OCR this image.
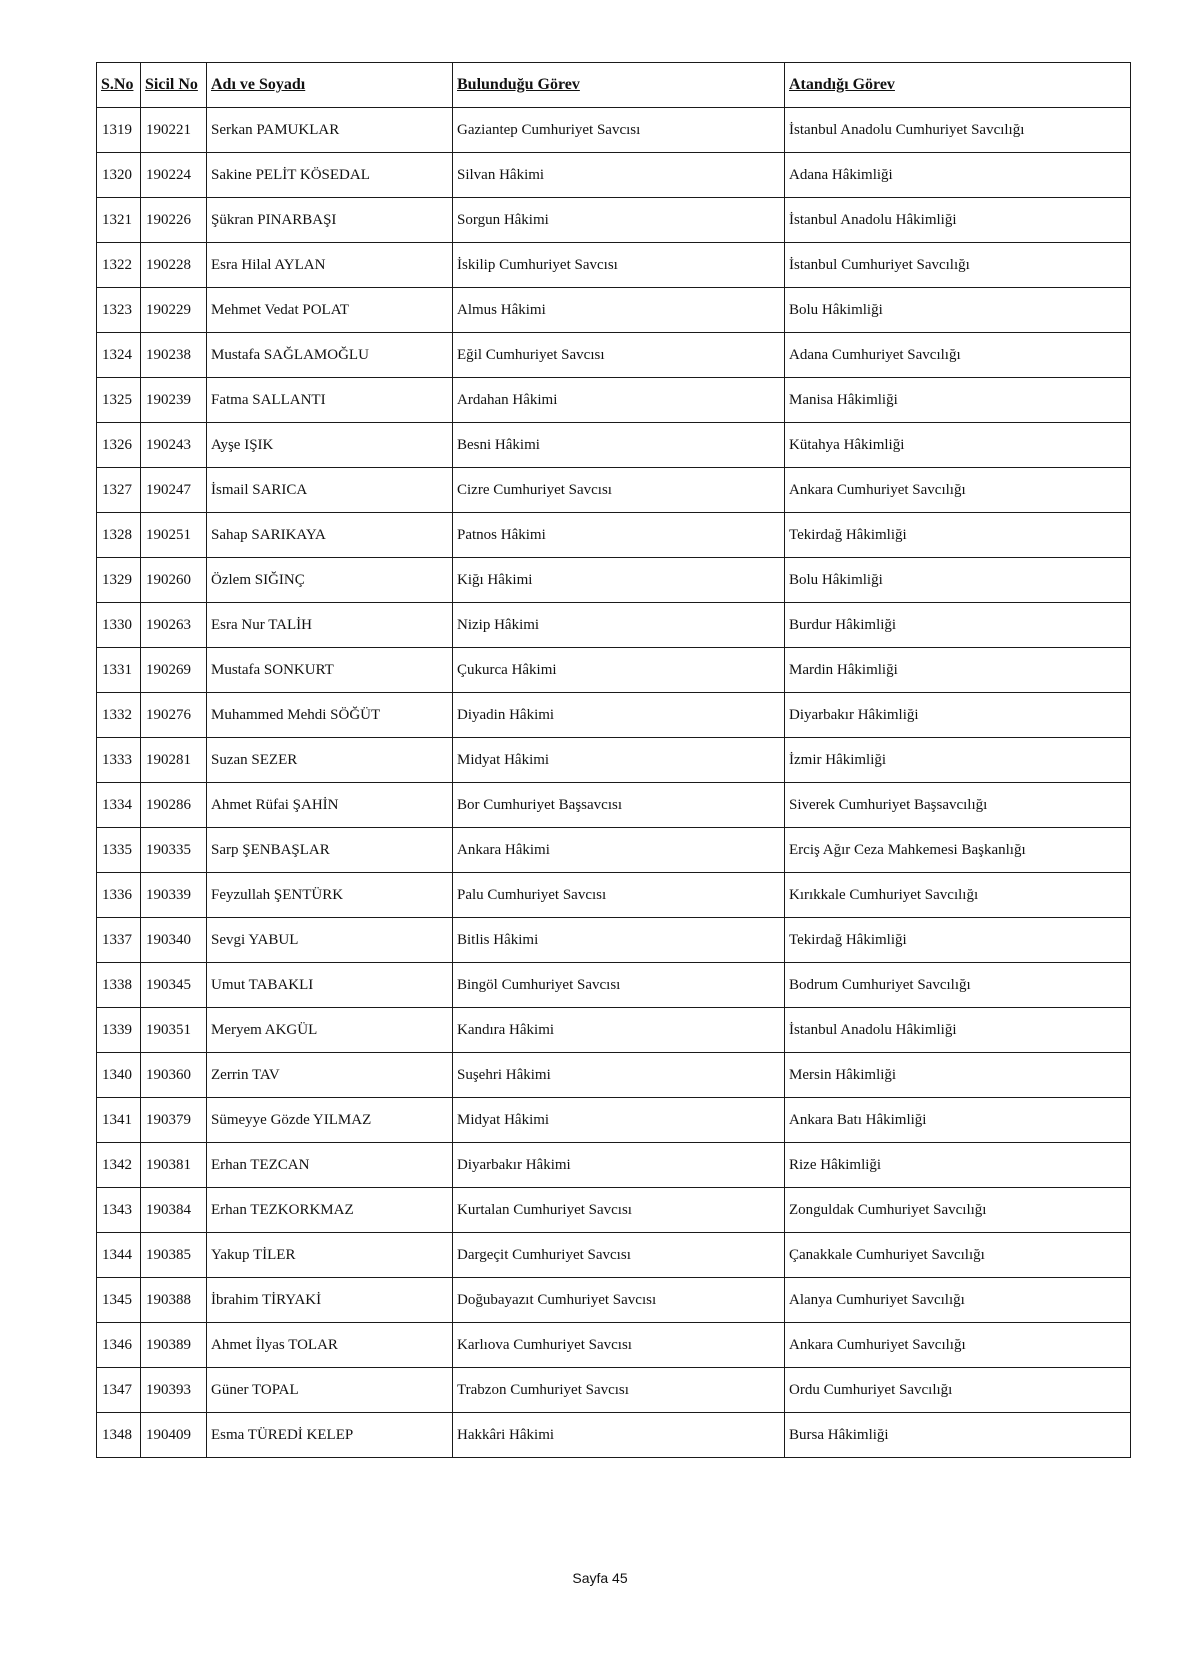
S.No	Sicil No	Adı ve Soyadı	Bulunduğu Görev	Atandığı Görev
1319	190221	Serkan PAMUKLAR	Gaziantep Cumhuriyet Savcısı	İstanbul Anadolu Cumhuriyet Savcılığı
1320	190224	Sakine PELİT KÖSEDAL	Silvan Hâkimi	Adana Hâkimliği
1321	190226	Şükran PINARBAŞI	Sorgun Hâkimi	İstanbul Anadolu Hâkimliği
1322	190228	Esra Hilal AYLAN	İskilip Cumhuriyet Savcısı	İstanbul Cumhuriyet Savcılığı
1323	190229	Mehmet Vedat POLAT	Almus Hâkimi	Bolu Hâkimliği
1324	190238	Mustafa SAĞLAMOĞLU	Eğil Cumhuriyet Savcısı	Adana Cumhuriyet Savcılığı
1325	190239	Fatma SALLANTI	Ardahan Hâkimi	Manisa Hâkimliği
1326	190243	Ayşe IŞIK	Besni Hâkimi	Kütahya Hâkimliği
1327	190247	İsmail SARICA	Cizre Cumhuriyet Savcısı	Ankara Cumhuriyet Savcılığı
1328	190251	Sahap SARIKAYA	Patnos Hâkimi	Tekirdağ Hâkimliği
1329	190260	Özlem SIĞINÇ	Kiğı Hâkimi	Bolu Hâkimliği
1330	190263	Esra Nur TALİH	Nizip Hâkimi	Burdur Hâkimliği
1331	190269	Mustafa SONKURT	Çukurca Hâkimi	Mardin Hâkimliği
1332	190276	Muhammed Mehdi SÖĞÜT	Diyadin Hâkimi	Diyarbakır Hâkimliği
1333	190281	Suzan SEZER	Midyat Hâkimi	İzmir Hâkimliği
1334	190286	Ahmet Rüfai ŞAHİN	Bor Cumhuriyet Başsavcısı	Siverek Cumhuriyet Başsavcılığı
1335	190335	Sarp ŞENBAŞLAR	Ankara Hâkimi	Erciş Ağır Ceza Mahkemesi Başkanlığı
1336	190339	Feyzullah ŞENTÜRK	Palu Cumhuriyet Savcısı	Kırıkkale Cumhuriyet Savcılığı
1337	190340	Sevgi YABUL	Bitlis Hâkimi	Tekirdağ Hâkimliği
1338	190345	Umut TABAKLI	Bingöl Cumhuriyet Savcısı	Bodrum Cumhuriyet Savcılığı
1339	190351	Meryem AKGÜL	Kandıra Hâkimi	İstanbul Anadolu Hâkimliği
1340	190360	Zerrin TAV	Suşehri Hâkimi	Mersin Hâkimliği
1341	190379	Sümeyye Gözde YILMAZ	Midyat Hâkimi	Ankara Batı Hâkimliği
1342	190381	Erhan TEZCAN	Diyarbakır Hâkimi	Rize Hâkimliği
1343	190384	Erhan TEZKORKMAZ	Kurtalan Cumhuriyet Savcısı	Zonguldak Cumhuriyet Savcılığı
1344	190385	Yakup TİLER	Dargeçit Cumhuriyet Savcısı	Çanakkale Cumhuriyet Savcılığı
1345	190388	İbrahim TİRYAKİ	Doğubayazıt Cumhuriyet Savcısı	Alanya Cumhuriyet Savcılığı
1346	190389	Ahmet İlyas TOLAR	Karlıova Cumhuriyet Savcısı	Ankara Cumhuriyet Savcılığı
1347	190393	Güner TOPAL	Trabzon Cumhuriyet Savcısı	Ordu Cumhuriyet Savcılığı
1348	190409	Esma TÜREDİ KELEP	Hakkâri Hâkimi	Bursa Hâkimliği
Sayfa 45
